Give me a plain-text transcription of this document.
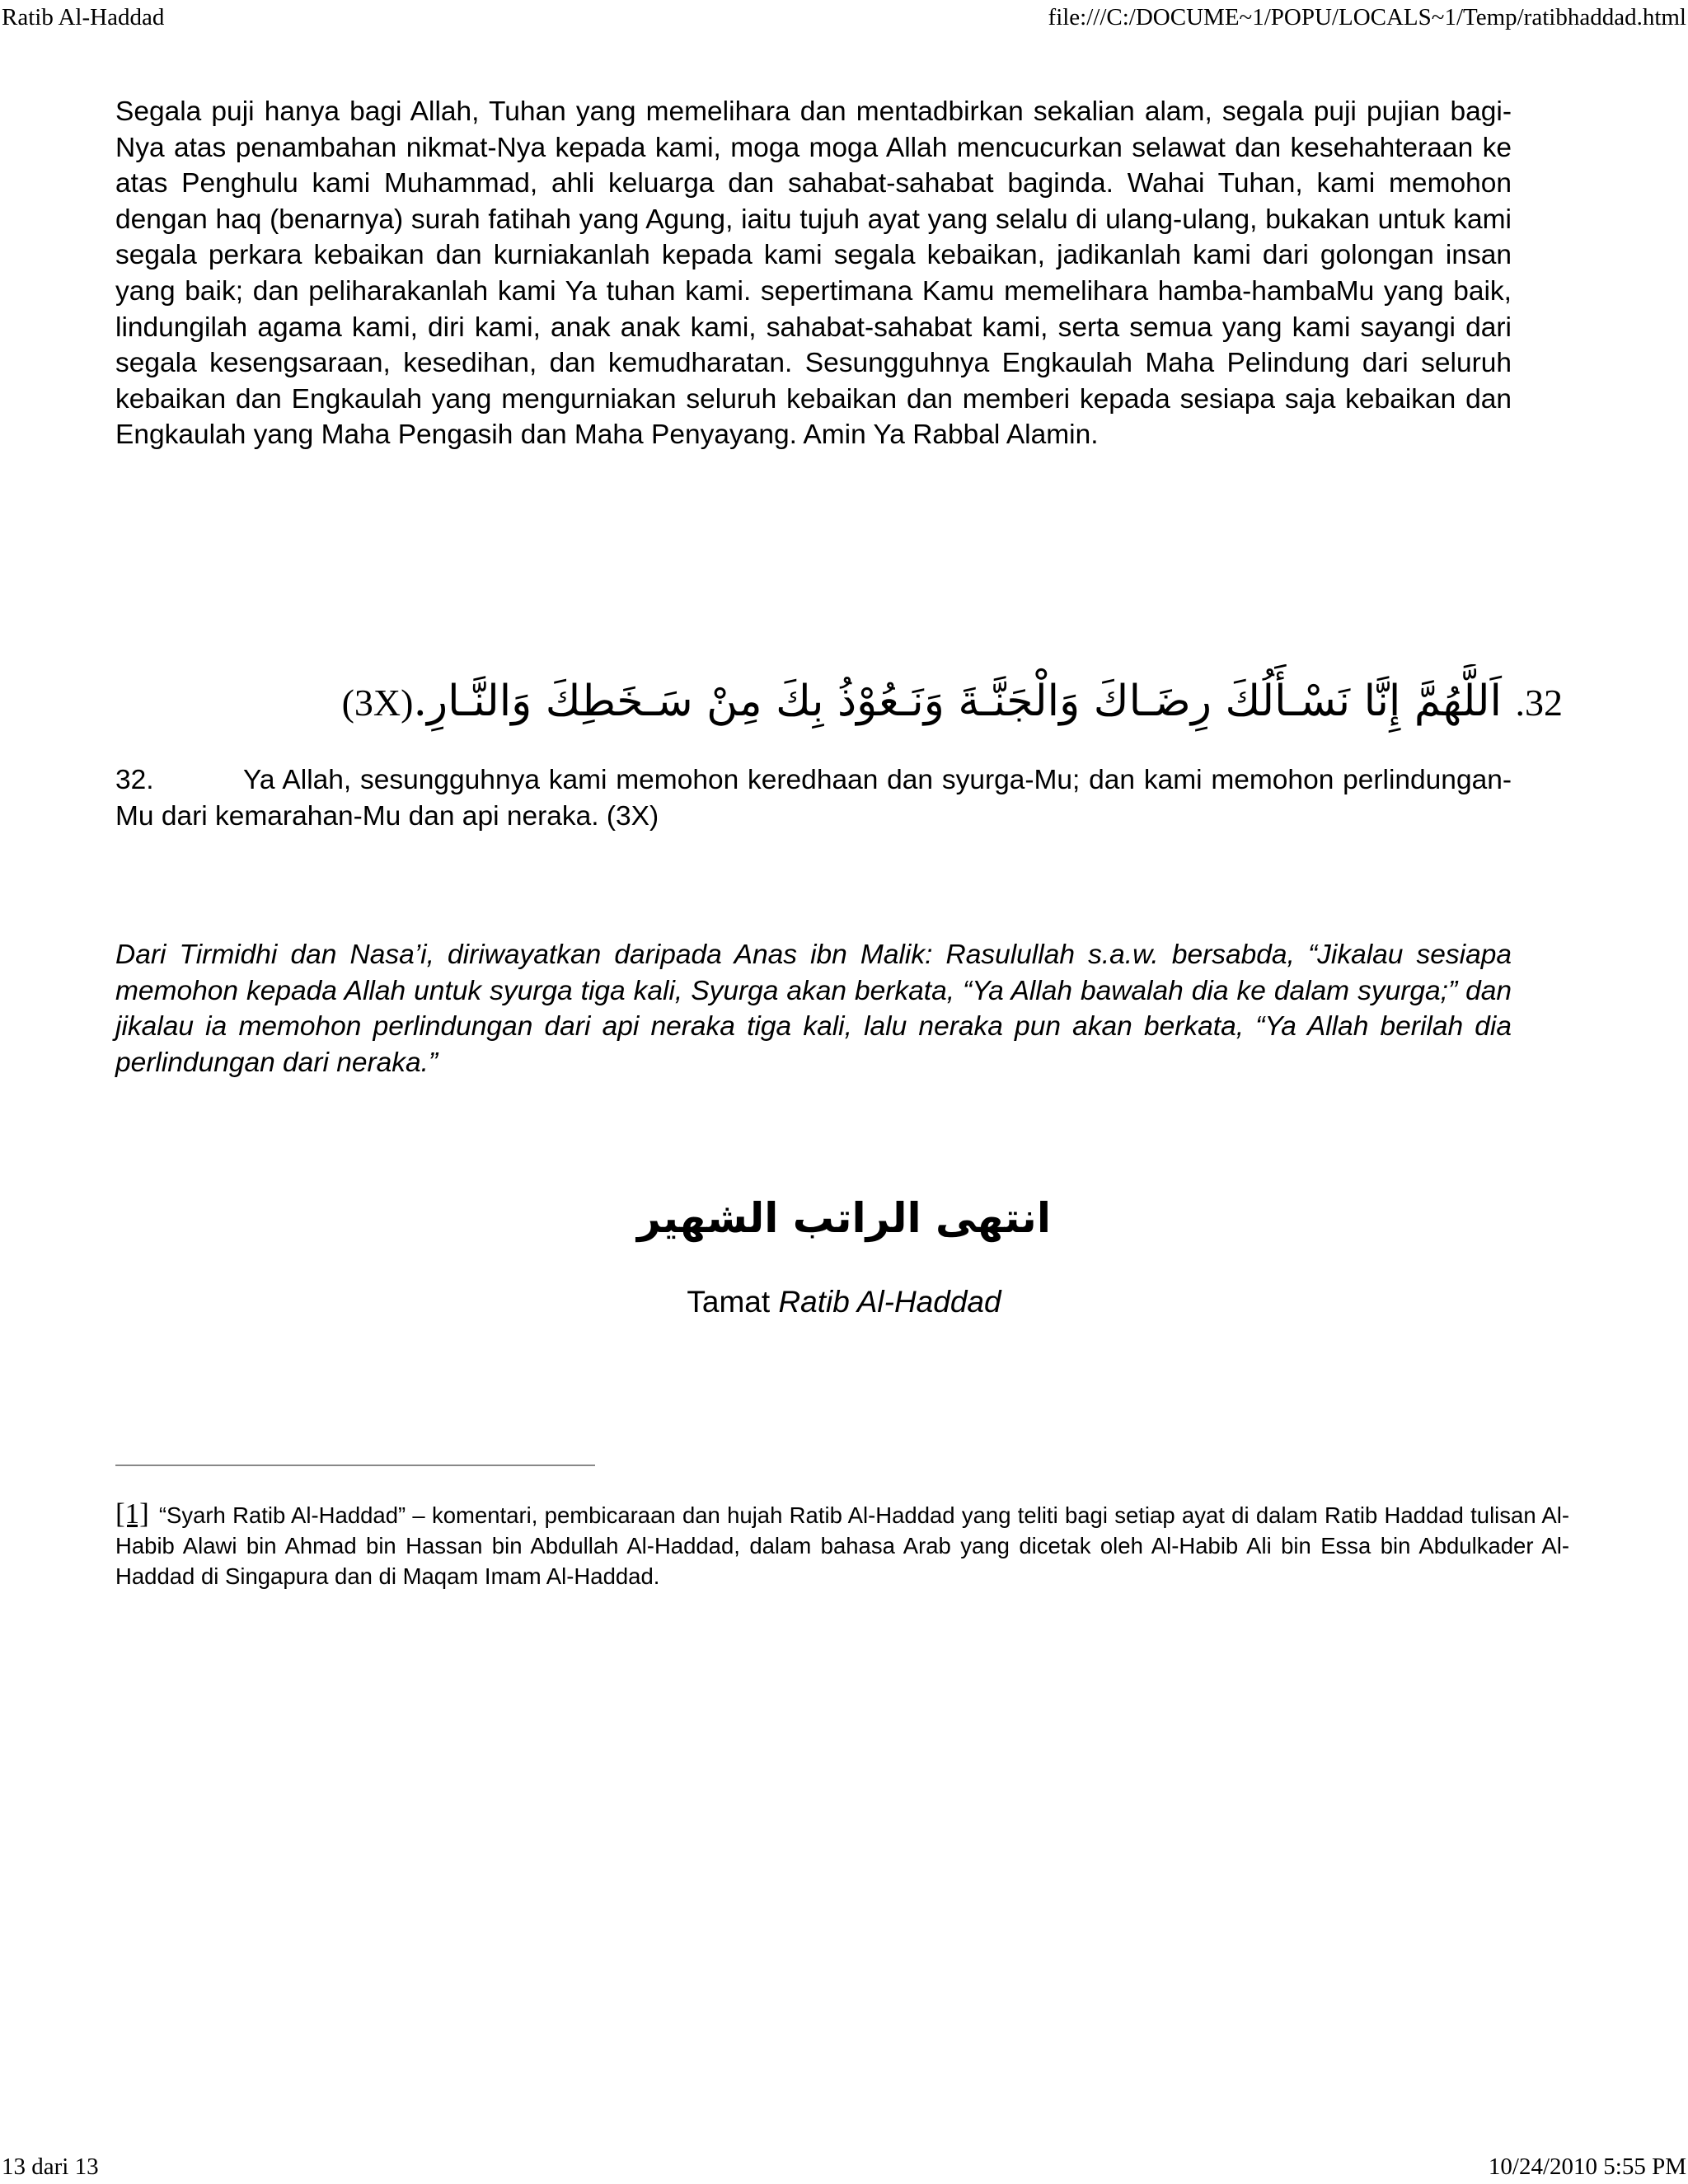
Ratib Al-Haddad	file:///C:/DOCUME~1/POPU/LOCALS~1/Temp/ratibhaddad.html

Segala puji hanya bagi Allah, Tuhan yang memelihara dan mentadbirkan sekalian alam, segala puji pujian bagi-Nya atas penambahan nikmat-Nya kepada kami, moga moga Allah mencucurkan selawat dan kesehahteraan ke atas Penghulu kami Muhammad, ahli keluarga dan sahabat-sahabat baginda. Wahai Tuhan, kami memohon dengan haq (benarnya) surah fatihah yang Agung, iaitu tujuh ayat yang selalu di ulang-ulang, bukakan untuk kami segala perkara kebaikan dan kurniakanlah kepada kami segala kebaikan, jadikanlah kami dari golongan insan yang baik; dan peliharakanlah kami Ya tuhan kami. sepertimana Kamu memelihara hamba-hambaMu yang baik, lindungilah agama kami, diri kami, anak anak kami, sahabat-sahabat kami, serta semua yang kami sayangi dari segala kesengsaraan, kesedihan, dan kemudharatan. Sesungguhnya Engkaulah Maha Pelindung dari seluruh kebaikan dan Engkaulah yang mengurniakan seluruh kebaikan dan memberi kepada sesiapa saja kebaikan dan Engkaulah yang Maha Pengasih dan Maha Penyayang. Amin Ya Rabbal Alamin.

32. اَللَّهُمَّ إِنَّا نَسْـأَلُكَ رِضَـاكَ وَالْجَنَّـةَ وَنَـعُوْذُ بِكَ مِنْ سَـخَطِكَ وَالنَّـارِ.(3X)

32.	Ya Allah, sesungguhnya kami memohon keredhaan dan syurga-Mu; dan kami memohon perlindungan-Mu dari kemarahan-Mu dan api neraka. (3X)

Dari Tirmidhi dan Nasa’i, diriwayatkan daripada Anas ibn Malik: Rasulullah s.a.w. bersabda, “Jikalau sesiapa memohon kepada Allah untuk syurga tiga kali, Syurga akan berkata, “Ya Allah bawalah dia ke dalam syurga;” dan jikalau ia memohon perlindungan dari api neraka tiga kali, lalu neraka pun akan berkata, “Ya Allah berilah dia perlindungan dari neraka.”

انتهى الراتب الشهير
Tamat Ratib Al-Haddad
[1] “Syarh Ratib Al-Haddad” – komentari, pembicaraan dan hujah Ratib Al-Haddad yang teliti bagi setiap ayat di dalam Ratib Haddad tulisan Al-Habib Alawi bin Ahmad bin Hassan bin Abdullah Al-Haddad, dalam bahasa Arab yang dicetak oleh Al-Habib Ali bin Essa bin Abdulkader Al-Haddad di Singapura dan di Maqam Imam Al-Haddad.
13 dari 13	10/24/2010 5:55 PM
